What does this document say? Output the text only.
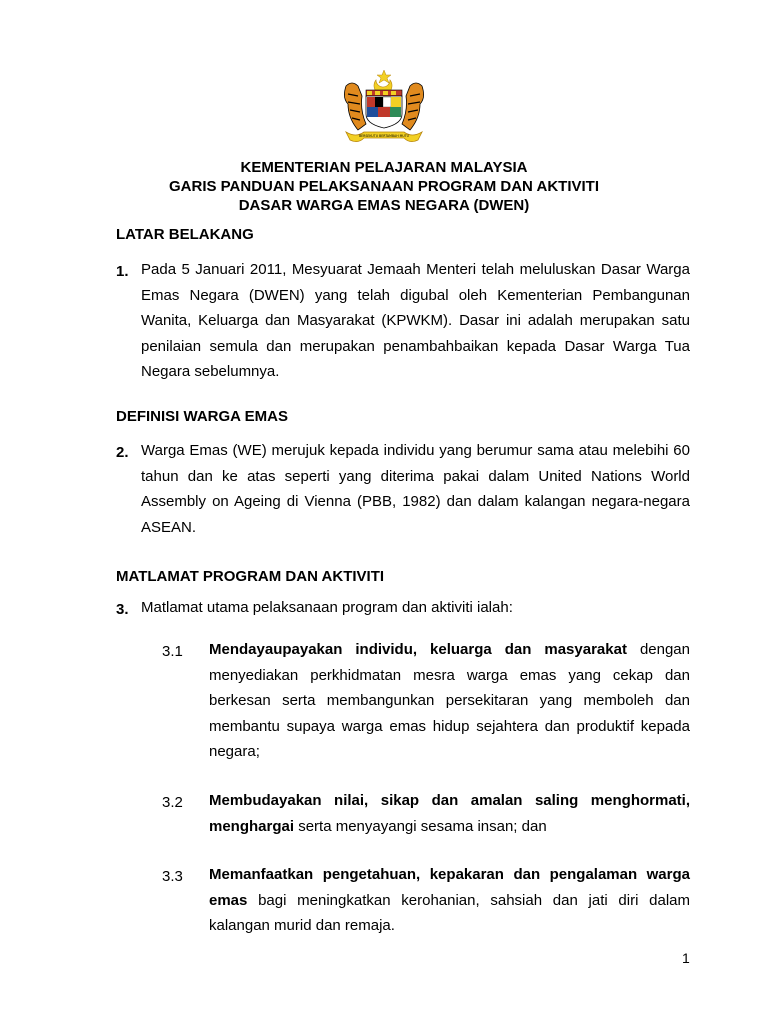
BERSEKUTU BERTAMBAH MUTU
KEMENTERIAN PELAJARAN MALAYSIA
GARIS PANDUAN PELAKSANAAN PROGRAM DAN AKTIVITI
DASAR WARGA EMAS NEGARA (DWEN)
LATAR BELAKANG
1. Pada 5 Januari 2011, Mesyuarat Jemaah Menteri telah meluluskan Dasar Warga Emas Negara (DWEN) yang telah digubal oleh Kementerian Pembangunan Wanita, Keluarga dan Masyarakat (KPWKM). Dasar ini adalah merupakan satu penilaian semula dan merupakan penambahbaikan kepada Dasar Warga Tua Negara sebelumnya.
DEFINISI WARGA EMAS
2. Warga Emas (WE) merujuk kepada individu yang berumur sama atau melebihi 60 tahun dan ke atas seperti yang diterima pakai dalam United Nations World Assembly on Ageing di Vienna (PBB, 1982) dan dalam kalangan negara-negara ASEAN.
MATLAMAT PROGRAM DAN AKTIVITI
3. Matlamat utama pelaksanaan program dan aktiviti ialah:
3.1 Mendayaupayakan individu, keluarga dan masyarakat dengan menyediakan perkhidmatan mesra warga emas yang cekap dan berkesan serta membangunkan persekitaran yang memboleh dan membantu supaya warga emas hidup sejahtera dan produktif kepada negara;
3.2 Membudayakan nilai, sikap dan amalan saling menghormati, menghargai serta menyayangi sesama insan; dan
3.3 Memanfaatkan pengetahuan, kepakaran dan pengalaman warga emas bagi meningkatkan kerohanian, sahsiah dan jati diri dalam kalangan murid dan remaja.
1
